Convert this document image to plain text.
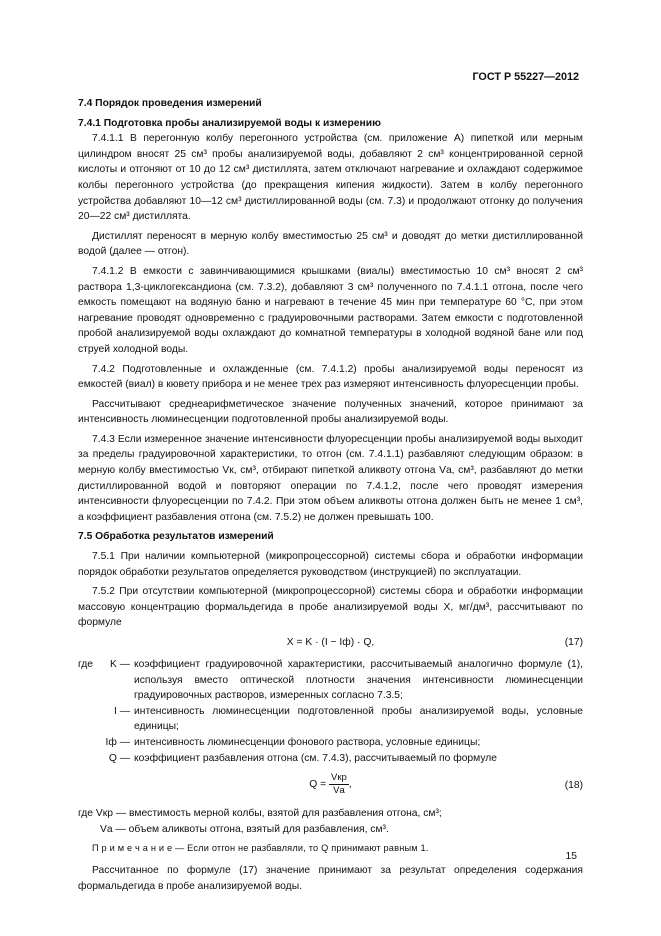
ГОСТ Р 55227—2012
7.4 Порядок проведения измерений
7.4.1 Подготовка пробы анализируемой воды к измерению

7.4.1.1 В перегонную колбу перегонного устройства (см. приложение А) пипеткой или мерным цилиндром вносят 25 см³ пробы анализируемой воды, добавляют 2 см³ концентрированной серной кислоты и отгоняют от 10 до 12 см³ дистиллята, затем отключают нагревание и охлаждают содержимое колбы перегонного устройства (до прекращения кипения жидкости). Затем в колбу перегонного устройства добавляют 10—12 см³ дистиллированной воды (см. 7.3) и продолжают отгонку до получения 20—22 см³ дистиллята.

Дистиллят переносят в мерную колбу вместимостью 25 см³ и доводят до метки дистиллированной водой (далее — отгон).

7.4.1.2 В емкости с завинчивающимися крышками (виалы) вместимостью 10 см³ вносят 2 см³ раствора 1,3-циклогександиона (см. 7.3.2), добавляют 3 см³ полученного по 7.4.1.1 отгона, после чего емкость помещают на водяную баню и нагревают в течение 45 мин при температуре 60 °С, при этом нагревание проводят одновременно с градуировочными растворами. Затем емкости с подготовленной пробой анализируемой воды охлаждают до комнатной температуры в холодной водяной бане или под струей холодной воды.

7.4.2 Подготовленные и охлажденные (см. 7.4.1.2) пробы анализируемой воды переносят из емкостей (виал) в кювету прибора и не менее трех раз измеряют интенсивность флуоресценции пробы.

Рассчитывают среднеарифметическое значение полученных значений, которое принимают за интенсивность люминесценции подготовленной пробы анализируемой воды.

7.4.3 Если измеренное значение интенсивности флуоресценции пробы анализируемой воды выходит за пределы градуировочной характеристики, то отгон (см. 7.4.1.1) разбавляют следующим образом: в мерную колбу вместимостью Vк, см³, отбирают пипеткой аликвоту отгона Vа, см³, разбавляют до метки дистиллированной водой и повторяют операции по 7.4.1.2, после чего проводят измерения интенсивности флуоресценции по 7.4.2. При этом объем аликвоты отгона должен быть не менее 1 см³, а коэффициент разбавления отгона (см. 7.5.2) не должен превышать 100.

7.5 Обработка результатов измерений

7.5.1 При наличии компьютерной (микропроцессорной) системы сбора и обработки информации порядок обработки результатов определяется руководством (инструкцией) по эксплуатации.

7.5.2 При отсутствии компьютерной (микропроцессорной) системы сбора и обработки информации массовую концентрацию формальдегида в пробе анализируемой воды X, мг/дм³, рассчитывают по формуле

X = K · (I − Iф) · Q,	(17)
где	K — коэффициент градуировочной характеристики, рассчитываемый аналогично формуле (1), используя вместо оптической плотности значения интенсивности люминесценции градуировочных растворов, измеренных согласно 7.3.5;
I — интенсивность люминесценции подготовленной пробы анализируемой воды, условные единицы;
Iф — интенсивность люминесценции фонового раствора, условные единицы;
Q — коэффициент разбавления отгона (см. 7.4.3), рассчитываемый по формуле
$Q = \frac{\text{Vкр}}{Vа}$ ,	(18)
где Vкр — вместимость мерной колбы, взятой для разбавления отгона, см³;
Vа — объем аликвоты отгона, взятый для разбавления, см³.

П р и м е ч а н и е — Если отгон не разбавляли, то Q принимают равным 1.

Рассчитанное по формуле (17) значение принимают за результат определения содержания формальдегида в пробе анализируемой воды.

15
